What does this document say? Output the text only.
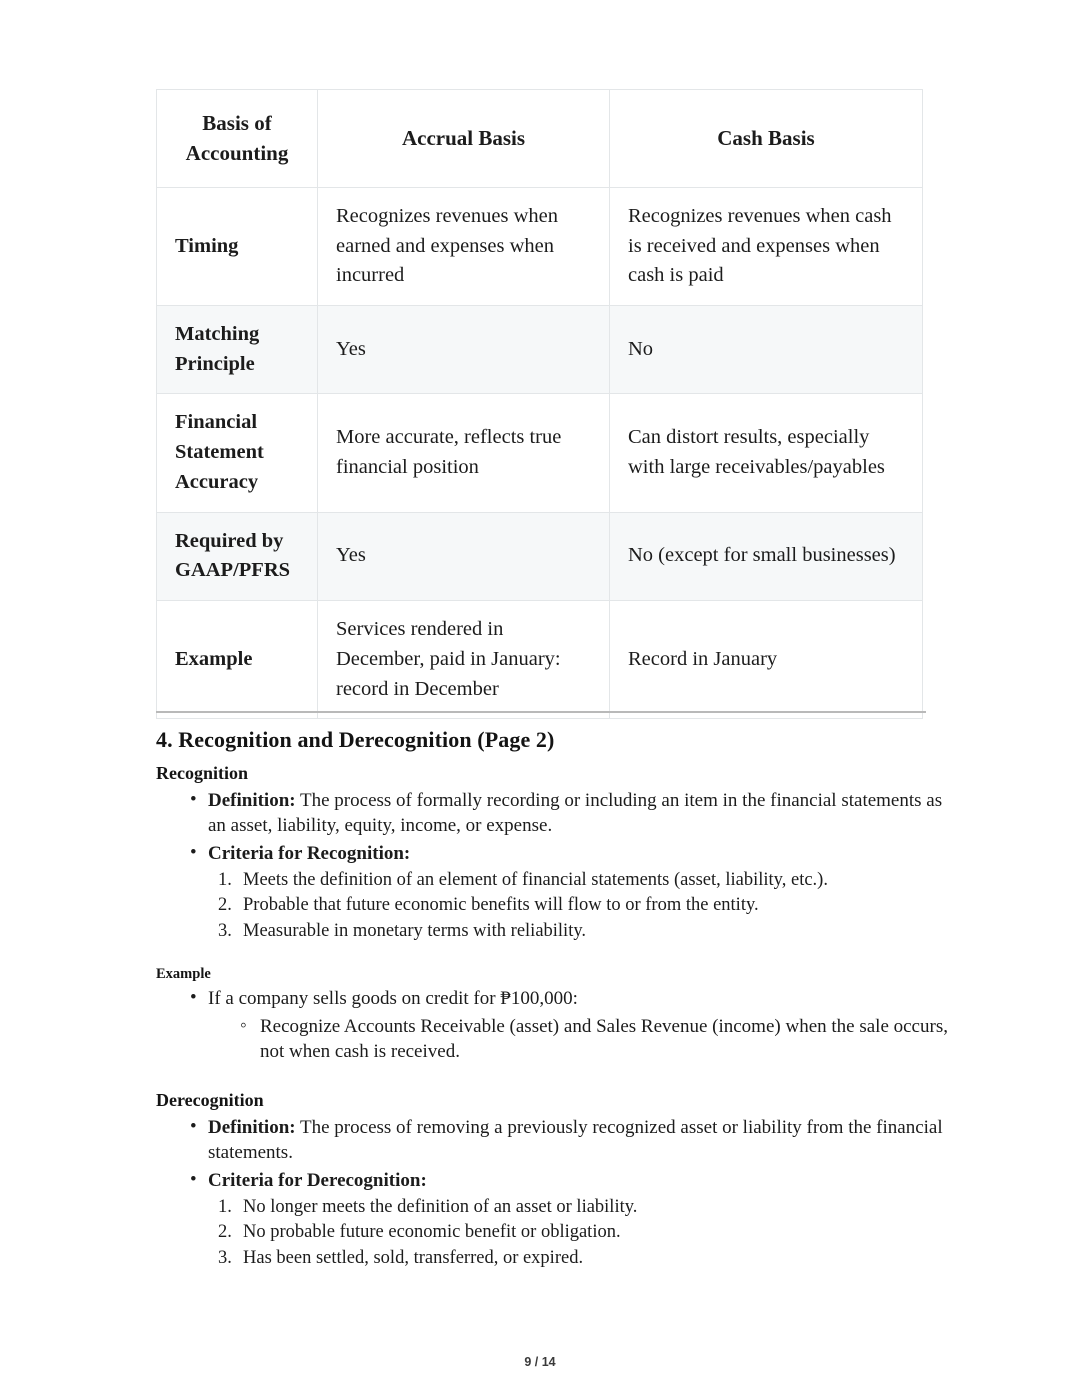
Basis of Accounting	Accrual Basis	Cash Basis
Timing	Recognizes revenues when earned and expenses when incurred	Recognizes revenues when cash is received and expenses when cash is paid
Matching Principle	Yes	No
Financial Statement Accuracy	More accurate, reflects true financial position	Can distort results, especially with large receivables/payables
Required by GAAP/PFRS	Yes	No (except for small businesses)
Example	Services rendered in December, paid in January: record in December	Record in January
4. Recognition and Derecognition (Page 2)
Recognition
• Definition: The process of formally recording or including an item in the financial statements as an asset, liability, equity, income, or expense.
• Criteria for Recognition:
1. Meets the definition of an element of financial statements (asset, liability, etc.).
2. Probable that future economic benefits will flow to or from the entity.
3. Measurable in monetary terms with reliability.
Example
• If a company sells goods on credit for ₱100,000:
◦ Recognize Accounts Receivable (asset) and Sales Revenue (income) when the sale occurs, not when cash is received.
Derecognition
• Definition: The process of removing a previously recognized asset or liability from the financial statements.
• Criteria for Derecognition:
1. No longer meets the definition of an asset or liability.
2. No probable future economic benefit or obligation.
3. Has been settled, sold, transferred, or expired.
9 / 14
